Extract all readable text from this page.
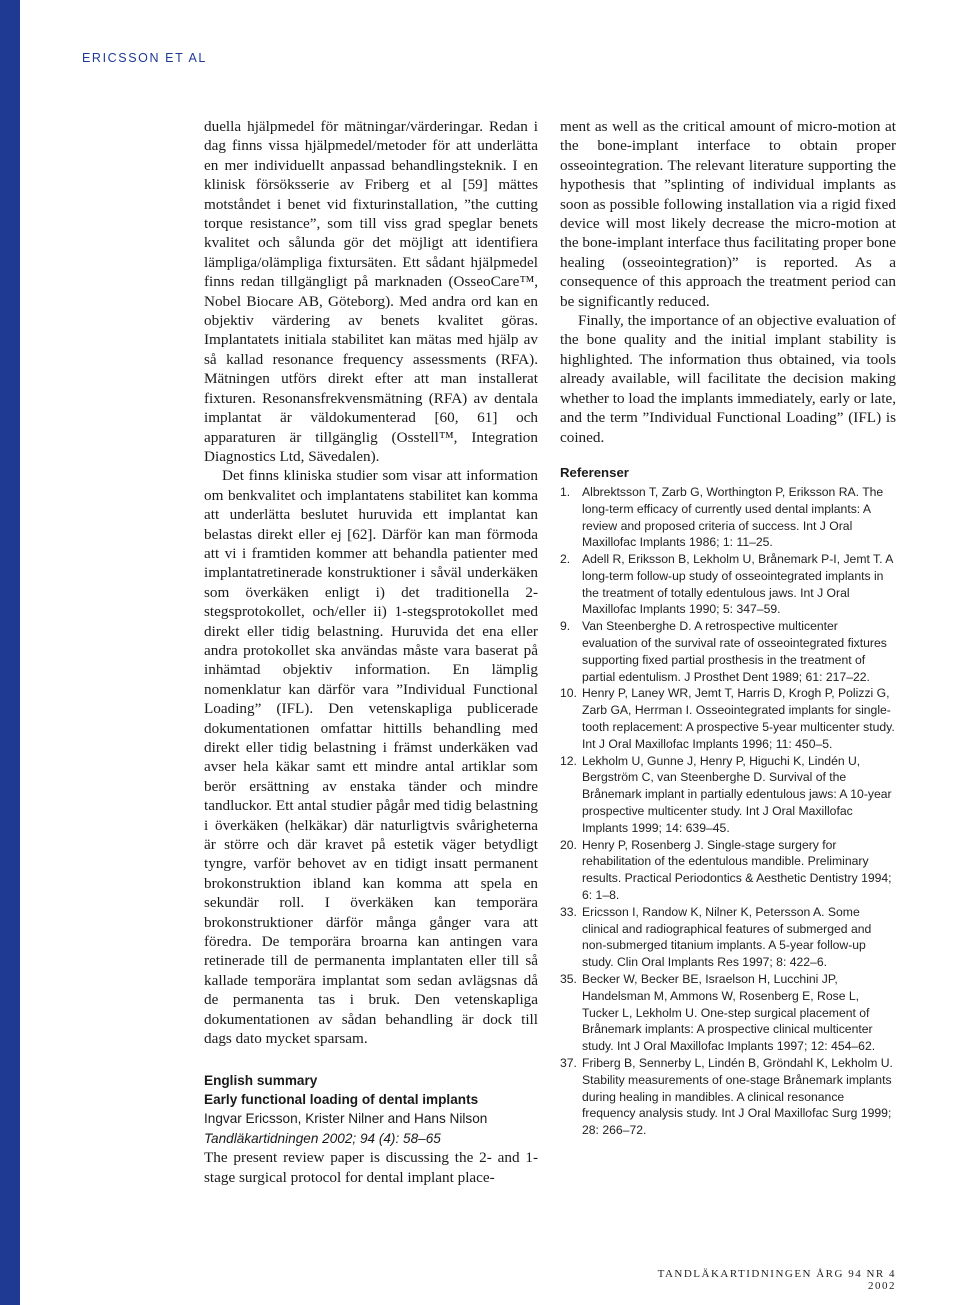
ERICSSON ET AL

duella hjälpmedel för mätningar/värderingar. Redan i dag finns vissa hjälpmedel/metoder för att underlätta en mer individuellt anpassad behandlingsteknik. I en klinisk försöksserie av Friberg et al [59] mättes motståndet i benet vid fixturinstallation, ”the cutting torque resistance”, som till viss grad speglar benets kvalitet och sålunda gör det möjligt att identifiera lämpliga/olämpliga fixtursäten. Ett sådant hjälpmedel finns redan tillgängligt på marknaden (OsseoCare™, Nobel Biocare AB, Göteborg). Med andra ord kan en objektiv värdering av benets kvalitet göras. Implantatets initiala stabilitet kan mätas med hjälp av så kallad resonance frequency assessments (RFA). Mätningen utförs direkt efter att man installerat fixturen. Resonansfrekvensmätning (RFA) av dentala implantat är väldokumenterad [60, 61] och apparaturen är tillgänglig (Osstell™, Integration Diagnostics Ltd, Sävedalen).

Det finns kliniska studier som visar att information om benkvalitet och implantatens stabilitet kan komma att underlätta beslutet huruvida ett implantat kan belastas direkt eller ej [62]. Därför kan man förmoda att vi i framtiden kommer att behandla patienter med implantatretinerade konstruktioner i såväl underkäken som överkäken enligt i) det traditionella 2-stegsprotokollet, och/eller ii) 1-stegsprotokollet med direkt eller tidig belastning. Huruvida det ena eller andra protokollet ska användas måste vara baserat på inhämtad objektiv information. En lämplig nomenklatur kan därför vara ”Individual Functional Loading” (IFL). Den vetenskapliga publicerade dokumentationen omfattar hittills behandling med direkt eller tidig belastning i främst underkäken vad avser hela käkar samt ett mindre antal artiklar som berör ersättning av enstaka tänder och mindre tandluckor. Ett antal studier pågår med tidig belastning i överkäken (helkäkar) där naturligtvis svårigheterna är större och där kravet på estetik väger betydligt tyngre, varför behovet av en tidigt insatt permanent brokonstruktion ibland kan komma att spela en sekundär roll. I överkäken kan temporära brokonstruktioner därför många gånger vara att föredra. De temporära broarna kan antingen vara retinerade till de permanenta implantaten eller till så kallade temporära implantat som sedan avlägsnas då de permanenta tas i bruk. Den vetenskapliga dokumentationen av sådan behandling är dock till dags dato mycket sparsam.

English summary

Early functional loading of dental implants

Ingvar Ericsson, Krister Nilner and Hans Nilson

Tandläkartidningen 2002; 94 (4): 58–65

The present review paper is discussing the 2- and 1-stage surgical protocol for dental implant place-

ment as well as the critical amount of micro-motion at the bone-implant interface to obtain proper osseointegration. The relevant literature supporting the hypothesis that ”splinting of individual implants as soon as possible following installation via a rigid fixed device will most likely decrease the micro-motion at the bone-implant interface thus facilitating proper bone healing (osseointegration)” is reported. As a consequence of this approach the treatment period can be significantly reduced.

Finally, the importance of an objective evaluation of the bone quality and the initial implant stability is highlighted. The information thus obtained, via tools already available, will facilitate the decision making whether to load the implants immediately, early or late, and the term ”Individual Functional Loading” (IFL) is coined.

Referenser
1. Albrektsson T, Zarb G, Worthington P, Eriksson RA. The long-term efficacy of currently used dental implants: A review and proposed criteria of success. Int J Oral Maxillofac Implants 1986; 1: 11–25.
2. Adell R, Eriksson B, Lekholm U, Brånemark P-I, Jemt T. A long-term follow-up study of osseointegrated implants in the treatment of totally edentulous jaws. Int J Oral Maxillofac Implants 1990; 5: 347–59.
9. Van Steenberghe D. A retrospective multicenter evaluation of the survival rate of osseointegrated fixtures supporting fixed partial prosthesis in the treatment of partial edentulism. J Prosthet Dent 1989; 61: 217–22.
10. Henry P, Laney WR, Jemt T, Harris D, Krogh P, Polizzi G, Zarb GA, Herrman I. Osseointegrated implants for single-tooth replacement: A prospective 5-year multicenter study. Int J Oral Maxillofac Implants 1996; 11: 450–5.
12. Lekholm U, Gunne J, Henry P, Higuchi K, Lindén U, Bergström C, van Steenberghe D. Survival of the Brånemark implant in partially edentulous jaws: A 10-year prospective multicenter study. Int J Oral Maxillofac Implants 1999; 14: 639–45.
20. Henry P, Rosenberg J. Single-stage surgery for rehabilitation of the edentulous mandible. Preliminary results. Practical Periodontics & Aesthetic Dentistry 1994; 6: 1–8.
33. Ericsson I, Randow K, Nilner K, Petersson A. Some clinical and radiographical features of submerged and non-submerged titanium implants. A 5-year follow-up study. Clin Oral Implants Res 1997; 8: 422–6.
35. Becker W, Becker BE, Israelson H, Lucchini JP, Handelsman M, Ammons W, Rosenberg E, Rose L, Tucker L, Lekholm U. One-step surgical placement of Brånemark implants: A prospective clinical multicenter study. Int J Oral Maxillofac Implants 1997; 12: 454–62.
37. Friberg B, Sennerby L, Lindén B, Gröndahl K, Lekholm U. Stability measurements of one-stage Brånemark implants during healing in mandibles. A clinical resonance frequency analysis study. Int J Oral Maxillofac Surg 1999; 28: 266–72.
TANDLÄKARTIDNINGEN ÅRG 94 NR 4 2002
